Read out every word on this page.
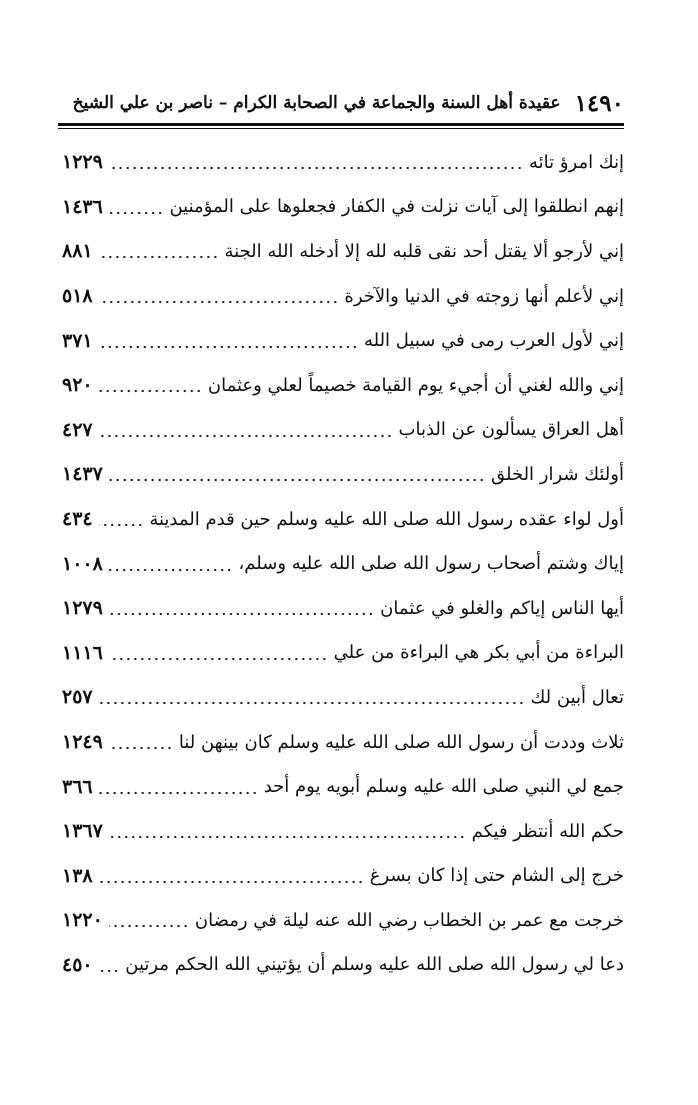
١٤٩٠
عقيدة أهل السنة والجماعة في الصحابة الكرام – ناصر بن علي الشيخ
إنك امرؤ تائه
١٢٢٩
إنهم انطلقوا إلى آيات نزلت في الكفار فجعلوها على المؤمنين
١٤٣٦
إني لأرجو ألا يقتل أحد نقى قلبه لله إلا أدخله الله الجنة
٨٨١
إني لأعلم أنها زوجته في الدنيا والآخرة
٥١٨
إني لأول العرب رمى في سبيل الله
٣٧١
إني والله لغني أن أجيء يوم القيامة خصيماً لعلي وعثمان
٩٢٠
أهل العراق يسألون عن الذباب
٤٢٧
أولئك شرار الخلق
١٤٣٧
أول لواء عقده رسول الله صلى الله عليه وسلم حين قدم المدينة
٤٣٤
إياك وشتم أصحاب رسول الله صلى الله عليه وسلم،
١٠٠٨
أيها الناس إياكم والغلو في عثمان
١٢٧٩
البراءة من أبي بكر هي البراءة من علي
١١١٦
تعال أبين لك
٢٥٧
ثلاث وددت أن رسول الله صلى الله عليه وسلم كان بينهن لنا
١٢٤٩
جمع لي النبي صلى الله عليه وسلم أبويه يوم أحد
٣٦٦
حكم الله أنتظر فيكم
١٣٦٧
خرج إلى الشام حتى إذا كان بسرغ
١٣٨
خرجت مع عمر بن الخطاب رضي الله عنه ليلة في رمضان
١٢٢٠
دعا لي رسول الله صلى الله عليه وسلم أن يؤتيني الله الحكم مرتين
٤٥٠
